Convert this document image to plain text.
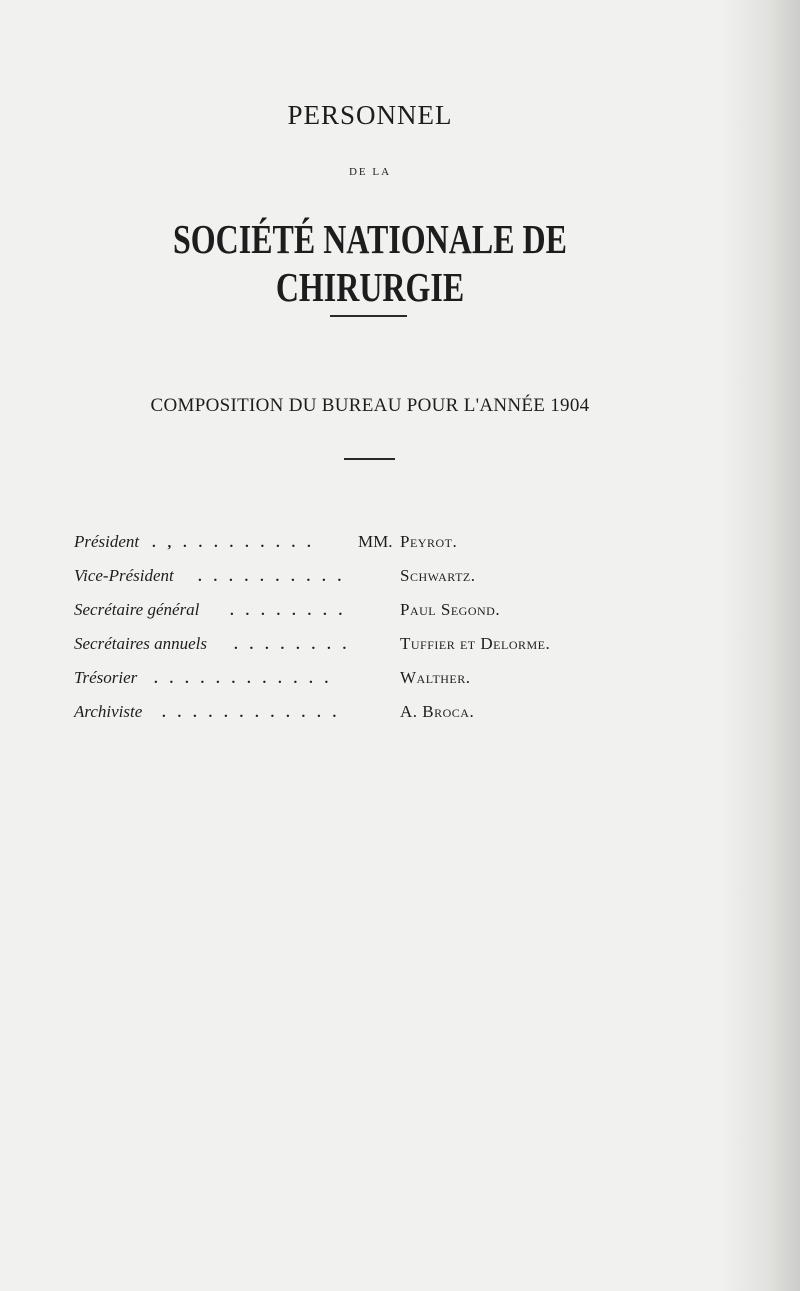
PERSONNEL
DE LA
SOCIÉTÉ NATIONALE DE CHIRURGIE
COMPOSITION DU BUREAU POUR L'ANNÉE 1904
Président . , . . . . . . . . .	MM. Peyrot.
Vice-Président . . . . . . . . . .	Schwartz.
Secrétaire général . . . . . . . .	Paul Segond.
Secrétaires annuels . . . . . . . .	Tuffier et Delorme.
Trésorier . . . . . . . . . . . .	Walther.
Archiviste . . . . . . . . . . . .	A. Broca.
